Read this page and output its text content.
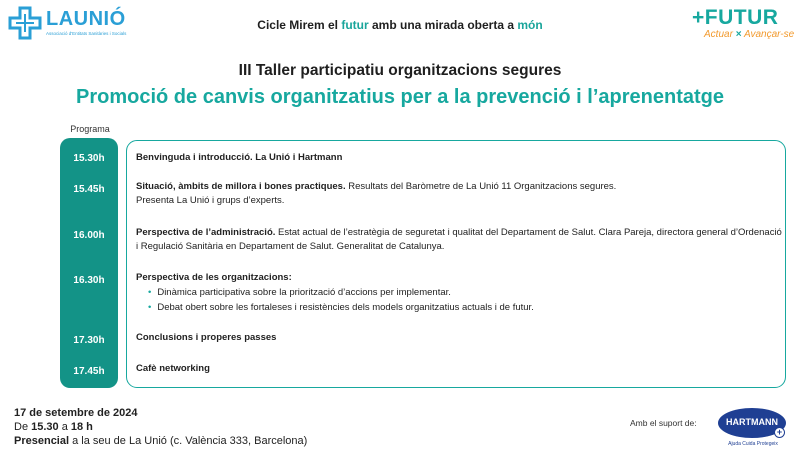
LAUNIÓ
Associació d'Entitats Sanitàries i Socials
Cicle Mirem el futur amb una mirada oberta a món	+FUTUR
Actuar × Avançar-se
III Taller participatiu organitzacions segures
Promoció de canvis organitzatius per a la prevenció i l’aprenentatge
Programa
15.30h
15.45h
16.00h
16.30h
17.30h
17.45h
Benvinguda i introducció. La Unió i Hartmann
Situació, àmbits de millora i bones practiques. Resultats del Baròmetre de La Unió 11 Organitzacions segures.
Presenta La Unió i grups d’experts.
Perspectiva de l’administració. Estat actual de l’estratègia de seguretat i qualitat del Departament de Salut. Clara Pareja, directora general d’Ordenació i Regulació Sanitària en Departament de Salut. Generalitat de Catalunya.
Perspectiva de les organitzacions:
• Dinàmica participativa sobre la priorització d’accions per implementar.
• Debat obert sobre les fortaleses i resistències dels models organitzatius actuals i de futur.
Conclusions i properes passes
Cafè networking
17 de setembre de 2024
De 15.30 a 18 h
Presencial a la seu de La Unió (c. València 333, Barcelona)
Amb el suport de:	HARTMANN
+
Ajuda Cuida Protegeix
